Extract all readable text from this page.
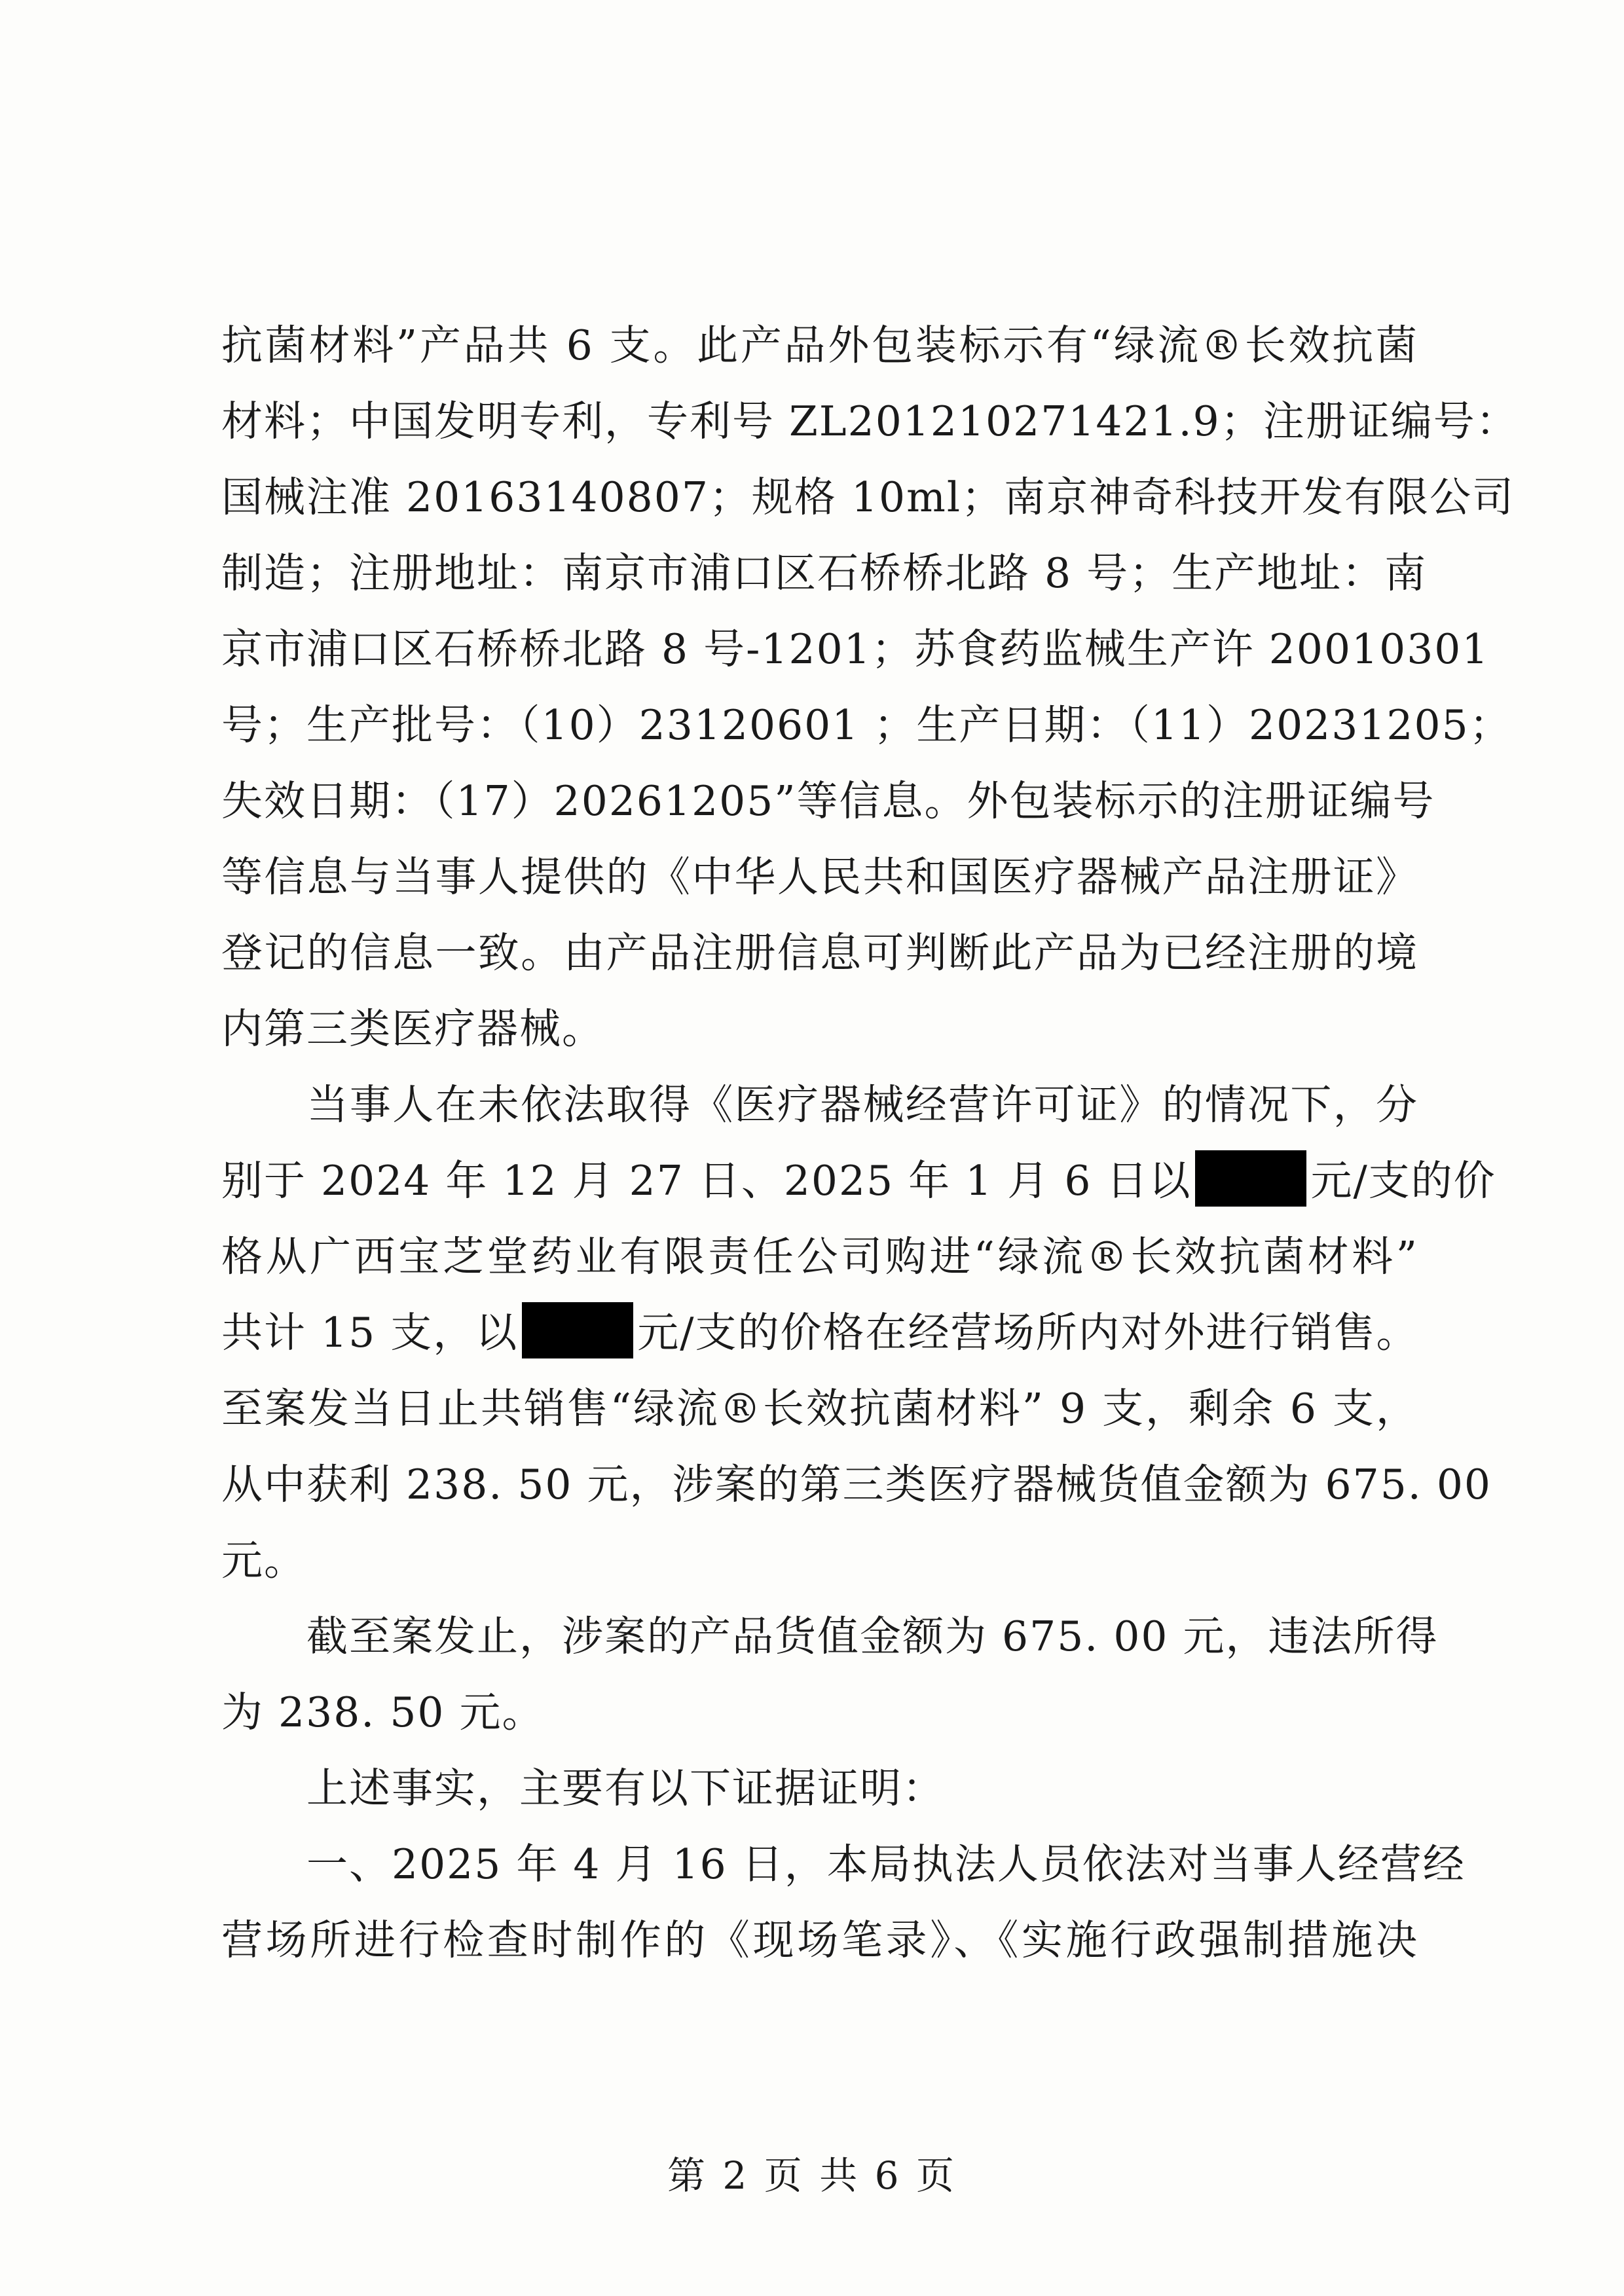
抗菌材料”产品共 6 支。此产品外包装标示有“绿流®长效抗菌
材料；中国发明专利，专利号 ZL201210271421.9；注册证编号：
国械注准 20163140807；规格 10ml；南京神奇科技开发有限公司
制造；注册地址：南京市浦口区石桥桥北路 8 号；生产地址：南
京市浦口区石桥桥北路 8 号-1201；苏食药监械生产许 20010301
号；生产批号：（10）23120601 ；生产日期：（11）20231205；
失效日期：（17）20261205”等信息。外包装标示的注册证编号
等信息与当事人提供的《中华人民共和国医疗器械产品注册证》
登记的信息一致。由产品注册信息可判断此产品为已经注册的境
内第三类医疗器械。
　　当事人在未依法取得《医疗器械经营许可证》的情况下，分
别于 2024 年 12 月 27 日、2025 年 1 月 6 日以	元/支的价
格从广西宝芝堂药业有限责任公司购进“绿流®长效抗菌材料”
共计 15 支，以	元/支的价格在经营场所内对外进行销售。
至案发当日止共销售“绿流®长效抗菌材料” 9 支，剩余 6 支，
从中获利 238. 50 元，涉案的第三类医疗器械货值金额为 675. 00
元。
　　截至案发止，涉案的产品货值金额为 675. 00 元，违法所得
为 238. 50 元。
　　上述事实，主要有以下证据证明：
　　一、2025 年 4 月 16 日，本局执法人员依法对当事人经营经
营场所进行检查时制作的《现场笔录》、《实施行政强制措施决
第 2 页 共 6 页
